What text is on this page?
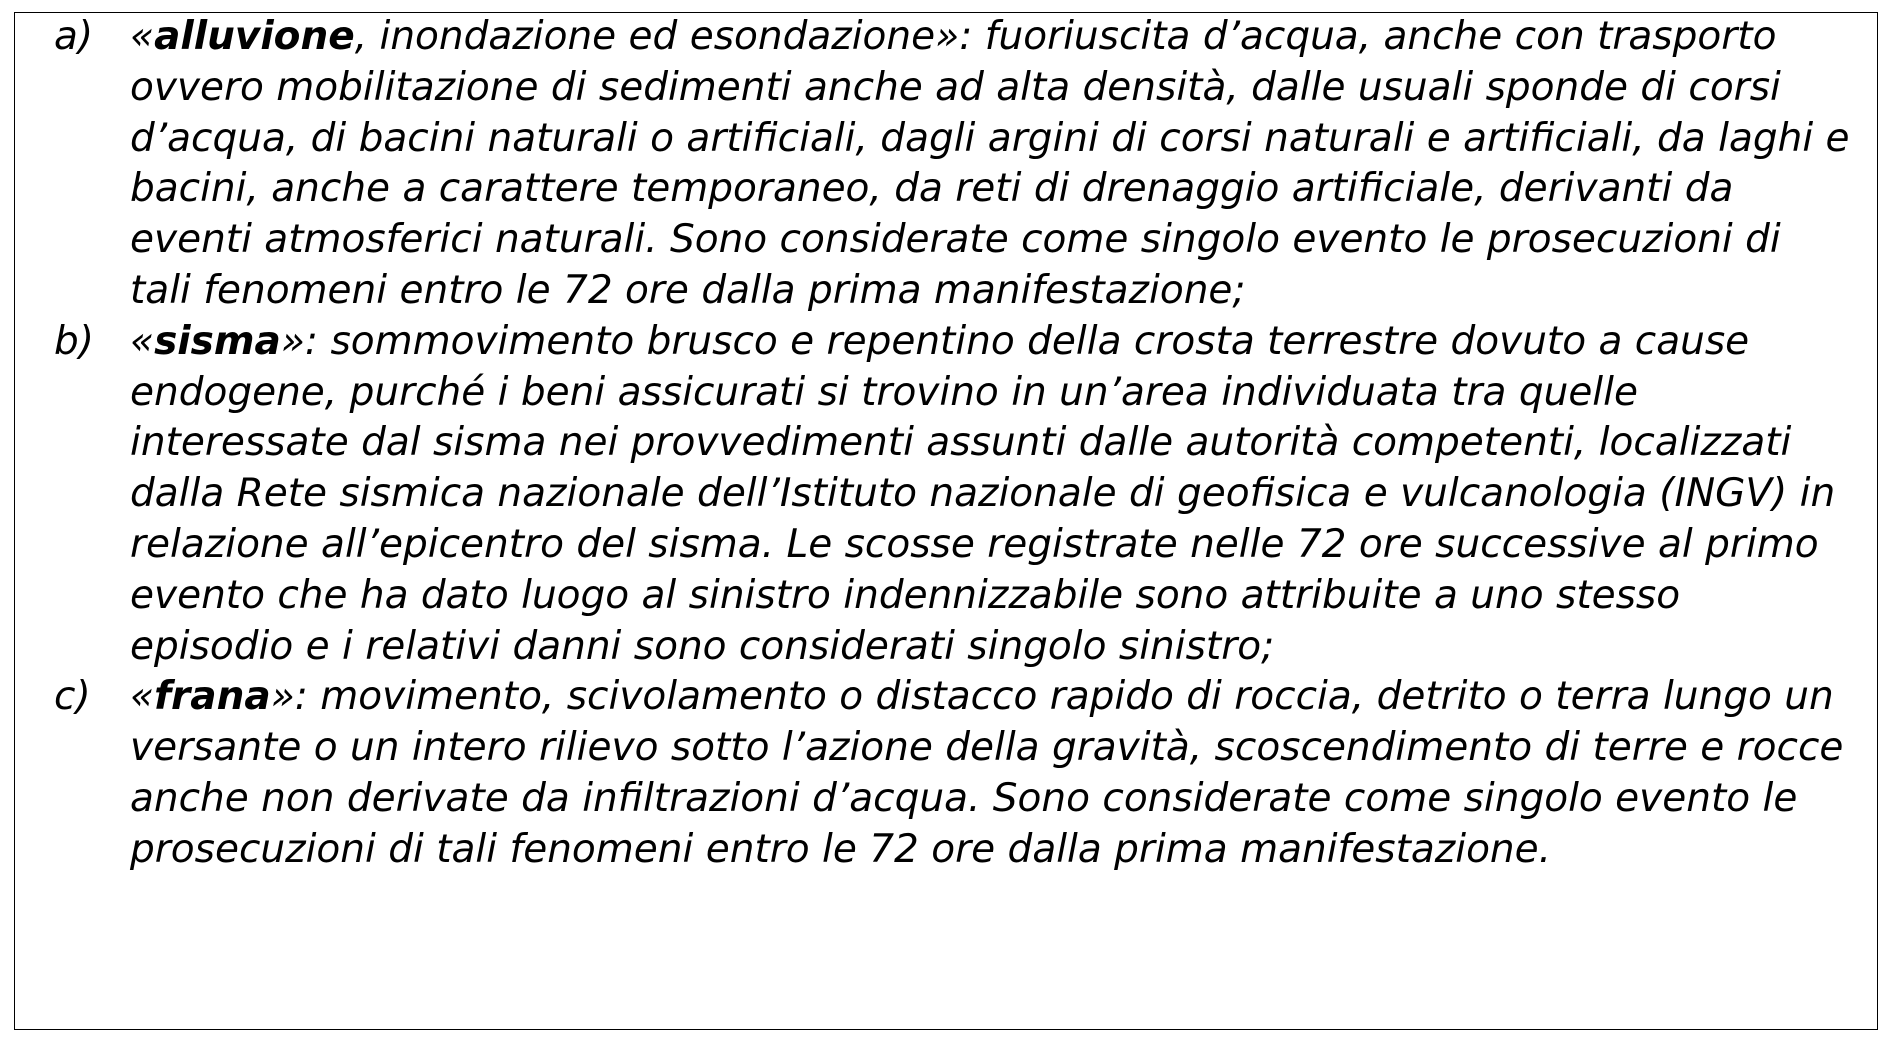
a) «alluvione, inondazione ed esondazione»: fuoriuscita d’acqua, anche con trasporto ovvero mobilitazione di sedimenti anche ad alta densità, dalle usuali sponde di corsi d’acqua, di bacini naturali o artificiali, dagli argini di corsi naturali e artificiali, da laghi e bacini, anche a carattere temporaneo, da reti di drenaggio artificiale, derivanti da eventi atmosferici naturali. Sono considerate come singolo evento le prosecuzioni di tali fenomeni entro le 72 ore dalla prima manifestazione;
b) «sisma»: sommovimento brusco e repentino della crosta terrestre dovuto a cause endogene, purché i beni assicurati si trovino in un’area individuata tra quelle interessate dal sisma nei provvedimenti assunti dalle autorità competenti, localizzati dalla Rete sismica nazionale dell’Istituto nazionale di geofisica e vulcanologia (INGV) in relazione all’epicentro del sisma. Le scosse registrate nelle 72 ore successive al primo evento che ha dato luogo al sinistro indennizzabile sono attribuite a uno stesso episodio e i relativi danni sono considerati singolo sinistro;
c) «frana»: movimento, scivolamento o distacco rapido di roccia, detrito o terra lungo un versante o un intero rilievo sotto l’azione della gravità, scoscendimento di terre e rocce anche non derivate da infiltrazioni d’acqua. Sono considerate come singolo evento le prosecuzioni di tali fenomeni entro le 72 ore dalla prima manifestazione.
